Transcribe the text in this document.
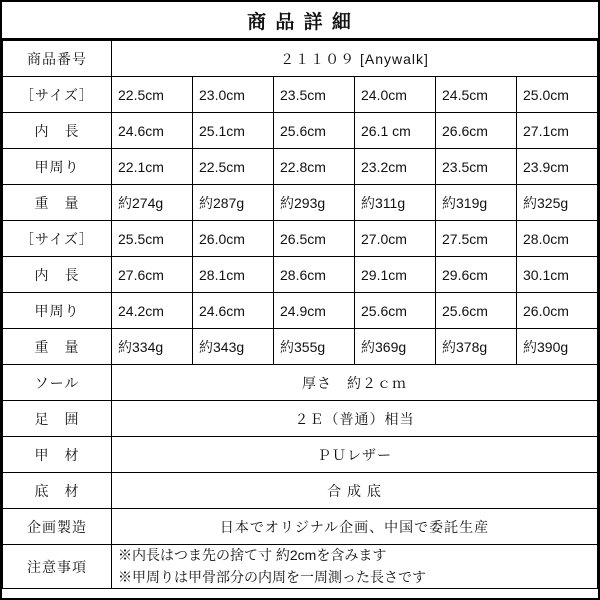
商 品 詳 細
商品番号	２１１０９ [Anywalk]					
［サイズ］	22.5cm	23.0cm	23.5cm	24.0cm	24.5cm	25.0cm
内　長	24.6cm	25.1cm	25.6cm	26.1 cm	26.6cm	27.1cm
甲周り	22.1cm	22.5cm	22.8cm	23.2cm	23.5cm	23.9cm
重　量	約274g	約287g	約293g	約311g	約319g	約325g
［サイズ］	25.5cm	26.0cm	26.5cm	27.0cm	27.5cm	28.0cm
内　長	27.6cm	28.1cm	28.6cm	29.1cm	29.6cm	30.1cm
甲周り	24.2cm	24.6cm	24.9cm	25.6cm	25.6cm	26.0cm
重　量	約334g	約343g	約355g	約369g	約378g	約390g
ソール	厚さ　約２ｃｍ					
足　囲	２Ｅ（普通）相当					
甲　材	ＰＵレザー					
底　材	合 成 底					
企画製造	日本でオリジナル企画、中国で委託生産					
注意事項	※内長はつま先の捨て寸 約2cmを含みます
※甲周りは甲骨部分の内周を一周測った長さです					
